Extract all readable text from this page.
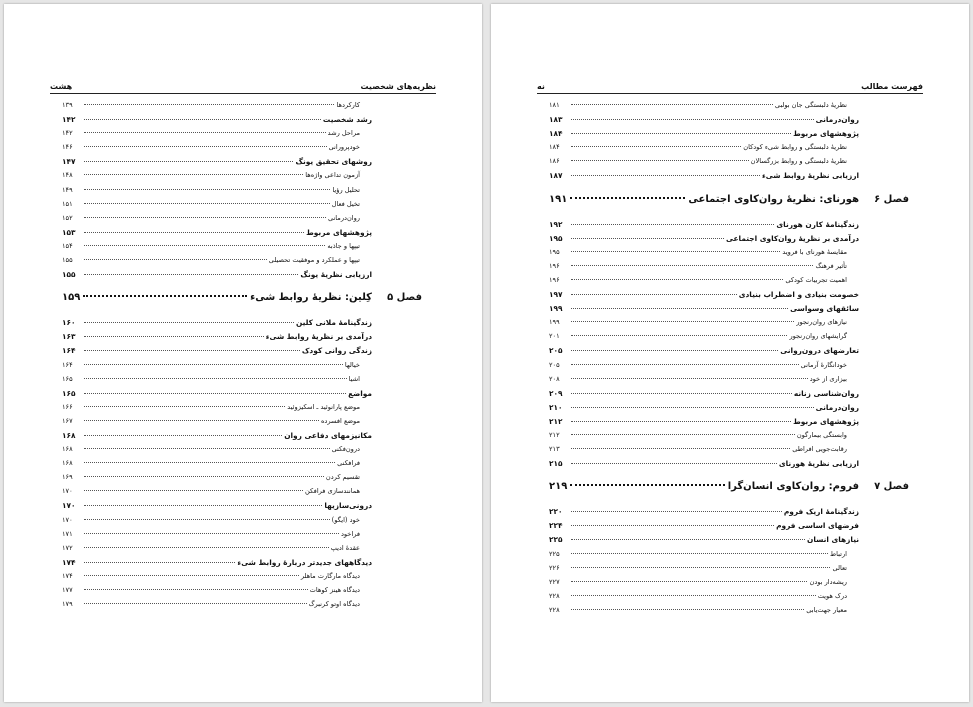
نظریه‌های شخصیت
هشت
کارکردها
۱۳۹
رشد شخصیت
۱۴۲
مراحل رشد
۱۴۲
خودپرورانی
۱۴۶
روشهای تحقیق یونگ
۱۴۷
آزمون تداعی واژه‌ها
۱۴۸
تحلیل رؤیا
۱۴۹
تخیل فعال
۱۵۱
روان‌درمانی
۱۵۲
پژوهشهای مربوط
۱۵۳
تیپها و جاذبه
۱۵۴
تیپها و عملکرد و موفقیت تحصیلی
۱۵۵
ارزیابی نظریهٔ یونگ
۱۵۵
فصل ۵
کِلین: نظریهٔ روابط شیء
۱۵۹
زندگینامهٔ ملانی کلین
۱۶۰
درآمدی بر نظریهٔ روابط شیء
۱۶۳
زندگی روانی کودک
۱۶۴
خیالها
۱۶۴
اشیا
۱۶۵
مواضع
۱۶۵
موضع پارانوئید ـ اسکیزوئید
۱۶۶
موضع افسرده
۱۶۷
مکانیزمهای دفاعی روان
۱۶۸
درون‌فکنی
۱۶۸
فرافکنی
۱۶۸
تقسیم کردن
۱۶۹
همانندسازی فرافکن
۱۷۰
درونی‌سازیها
۱۷۰
خود (ایگو)
۱۷۰
فراخود
۱۷۱
عقدهٔ ادیپ
۱۷۲
دیدگاههای جدیدتر دربارهٔ روابط شیء
۱۷۴
دیدگاه مارگارت ماهلر
۱۷۴
دیدگاه هینز کوهات
۱۷۷
دیدگاه اوتو کرنبرگ
۱۷۹
فهرست مطالب
نه
نظریهٔ دلبستگی جان بولبی
۱۸۱
روان‌درمانی
۱۸۳
پژوهشهای مربوط
۱۸۴
نظریهٔ دلبستگی و روابط شیء کودکان
۱۸۴
نظریهٔ دلبستگی و روابط بزرگسالان
۱۸۶
ارزیابی نظریهٔ روابط شیء
۱۸۷
فصل ۶
هورنای: نظریهٔ روان‌کاوی اجتماعی
۱۹۱
زندگینامهٔ کارن هورنای
۱۹۲
درآمدی بر نظریهٔ روان‌کاوی اجتماعی
۱۹۵
مقایسهٔ هورنای با فروید
۱۹۵
تأثیر فرهنگ
۱۹۶
اهمیت تجربیات کودکی
۱۹۶
خصومت بنیادی و اضطراب بنیادی
۱۹۷
سائقهای وسواسی
۱۹۹
نیازهای روان‌رنجور
۱۹۹
گرایشهای روان‌رنجور
۲۰۱
تعارضهای درون‌روانی
۲۰۵
خودانگارهٔ آرمانی
۲۰۵
بیزاری از خود
۲۰۸
روان‌شناسی زنانه
۲۰۹
روان‌درمانی
۲۱۰
پژوهشهای مربوط
۲۱۲
وابستگی بیمارگون
۲۱۲
رقابت‌جویی افراطی
۲۱۳
ارزیابی نظریهٔ هورنای
۲۱۵
فصل ۷
فروم: روان‌کاوی انسان‌گرا
۲۱۹
زندگینامهٔ اریک فروم
۲۲۰
فرضهای اساسی فروم
۲۲۴
نیازهای انسان
۲۲۵
ارتباط
۲۲۵
تعالی
۲۲۶
ریشه‌دار بودن
۲۲۷
درک هویت
۲۲۸
معیار جهت‌یابی
۲۲۸
